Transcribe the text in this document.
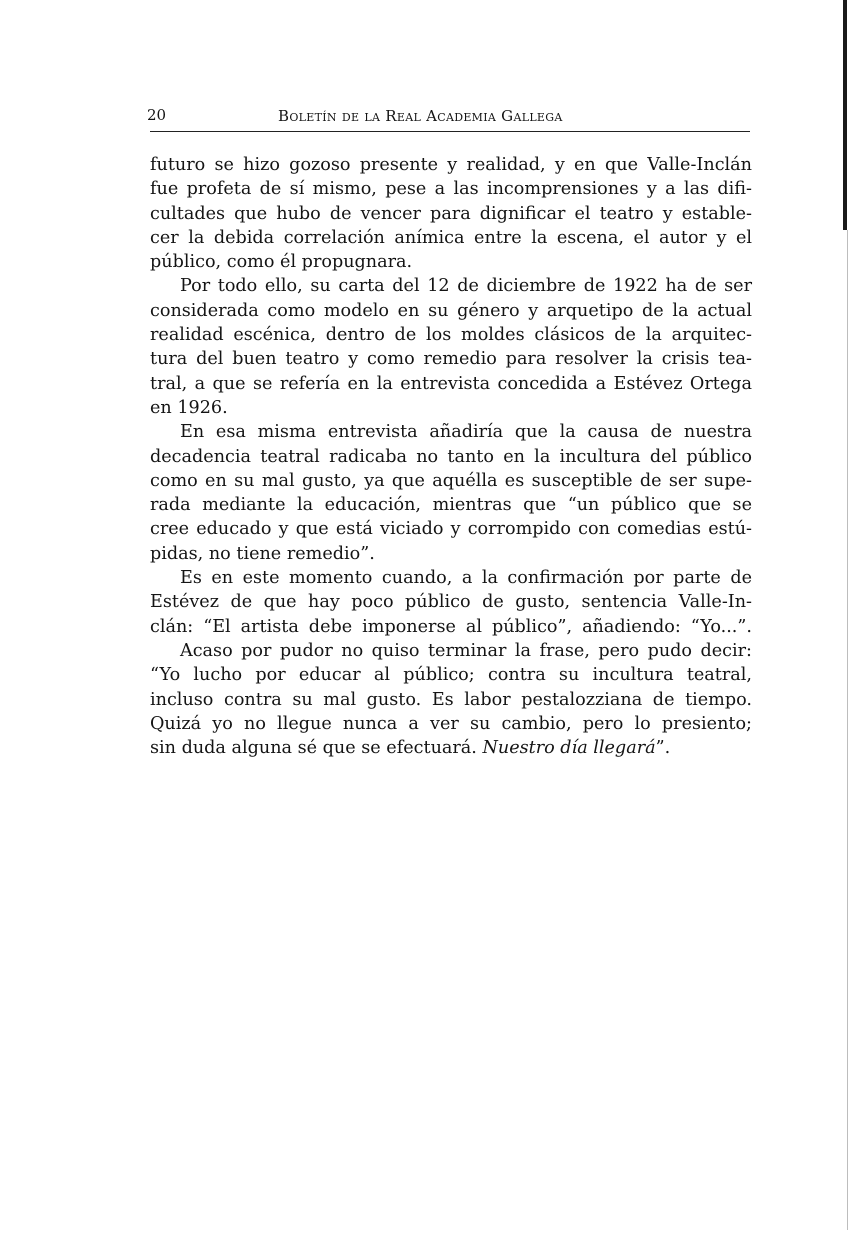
20	Boletín de la Real Academia Gallega

futuro se hizo gozoso presente y realidad, y en que Valle-Inclán
fue profeta de sí mismo, pese a las incomprensiones y a las difi-
cultades que hubo de vencer para dignificar el teatro y estable-
cer la debida correlación anímica entre la escena, el autor y el
público, como él propugnara.

Por todo ello, su carta del 12 de diciembre de 1922 ha de ser
considerada como modelo en su género y arquetipo de la actual
realidad escénica, dentro de los moldes clásicos de la arquitec-
tura del buen teatro y como remedio para resolver la crisis tea-
tral, a que se refería en la entrevista concedida a Estévez Ortega
en 1926.

En esa misma entrevista añadiría que la causa de nuestra
decadencia teatral radicaba no tanto en la incultura del público
como en su mal gusto, ya que aquélla es susceptible de ser supe-
rada mediante la educación, mientras que “un público que se
cree educado y que está viciado y corrompido con comedias estú-
pidas, no tiene remedio”.

Es en este momento cuando, a la confirmación por parte de
Estévez de que hay poco público de gusto, sentencia Valle-In-
clán: “El artista debe imponerse al público”, añadiendo: “Yo...”.

Acaso por pudor no quiso terminar la frase, pero pudo decir:
“Yo lucho por educar al público; contra su incultura teatral,
incluso contra su mal gusto. Es labor pestalozziana de tiempo.
Quizá yo no llegue nunca a ver su cambio, pero lo presiento;
sin duda alguna sé que se efectuará. Nuestro día llegará”.
